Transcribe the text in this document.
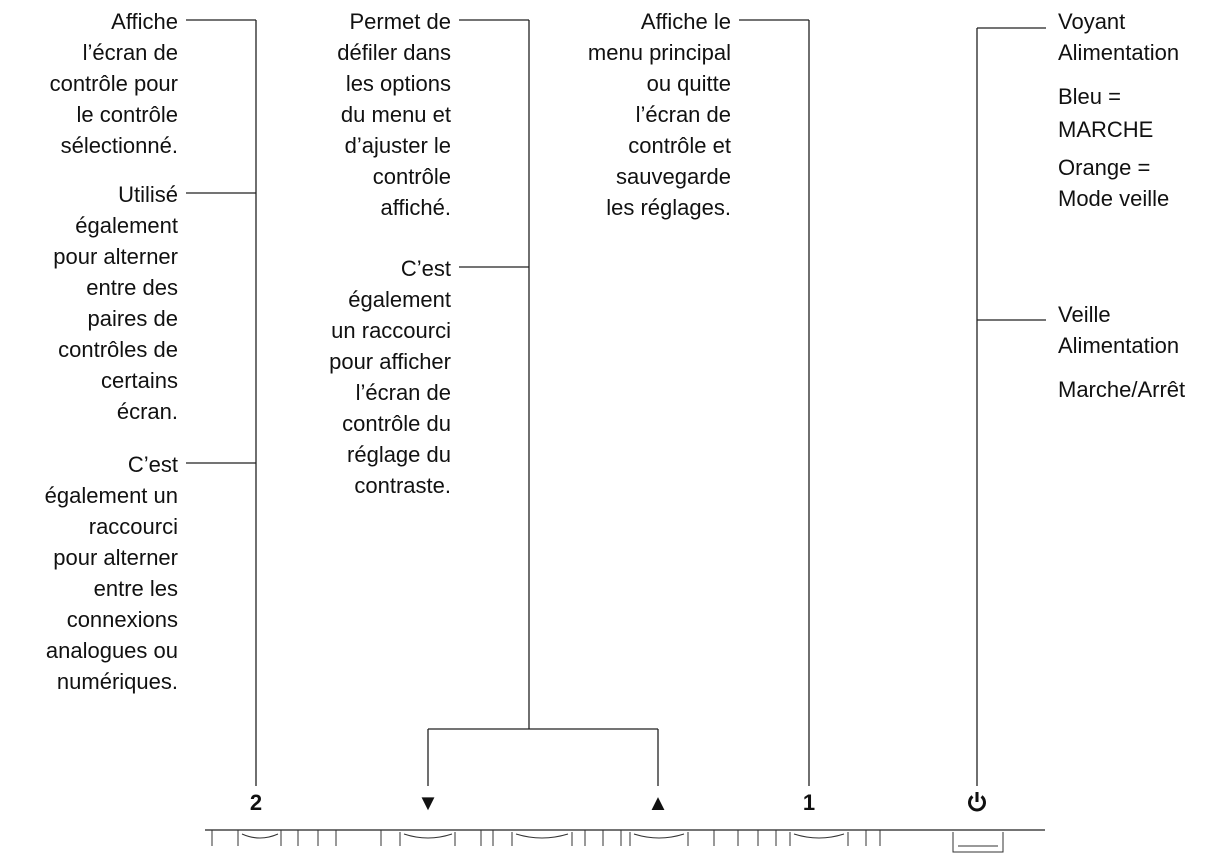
Affiche
l’écran de
contrôle pour
le contrôle
sélectionné.
Utilisé
également
pour alterner
entre des
paires de
contrôles de
certains
écran.
C’est
également un
raccourci
pour alterner
entre les
connexions
analogues ou
numériques.
Permet de
défiler dans
les options
du menu et
d’ajuster le
contrôle
affiché.
C’est
également
un raccourci
pour afficher
l’écran de
contrôle du
réglage du
contraste.
Affiche le
menu principal
ou quitte
l’écran de
contrôle et
sauvegarde
les réglages.
Voyant
Alimentation
Bleu =
MARCHE
Orange =
Mode veille
Veille
Alimentation
Marche/Arrêt
2	▼	▲	1
